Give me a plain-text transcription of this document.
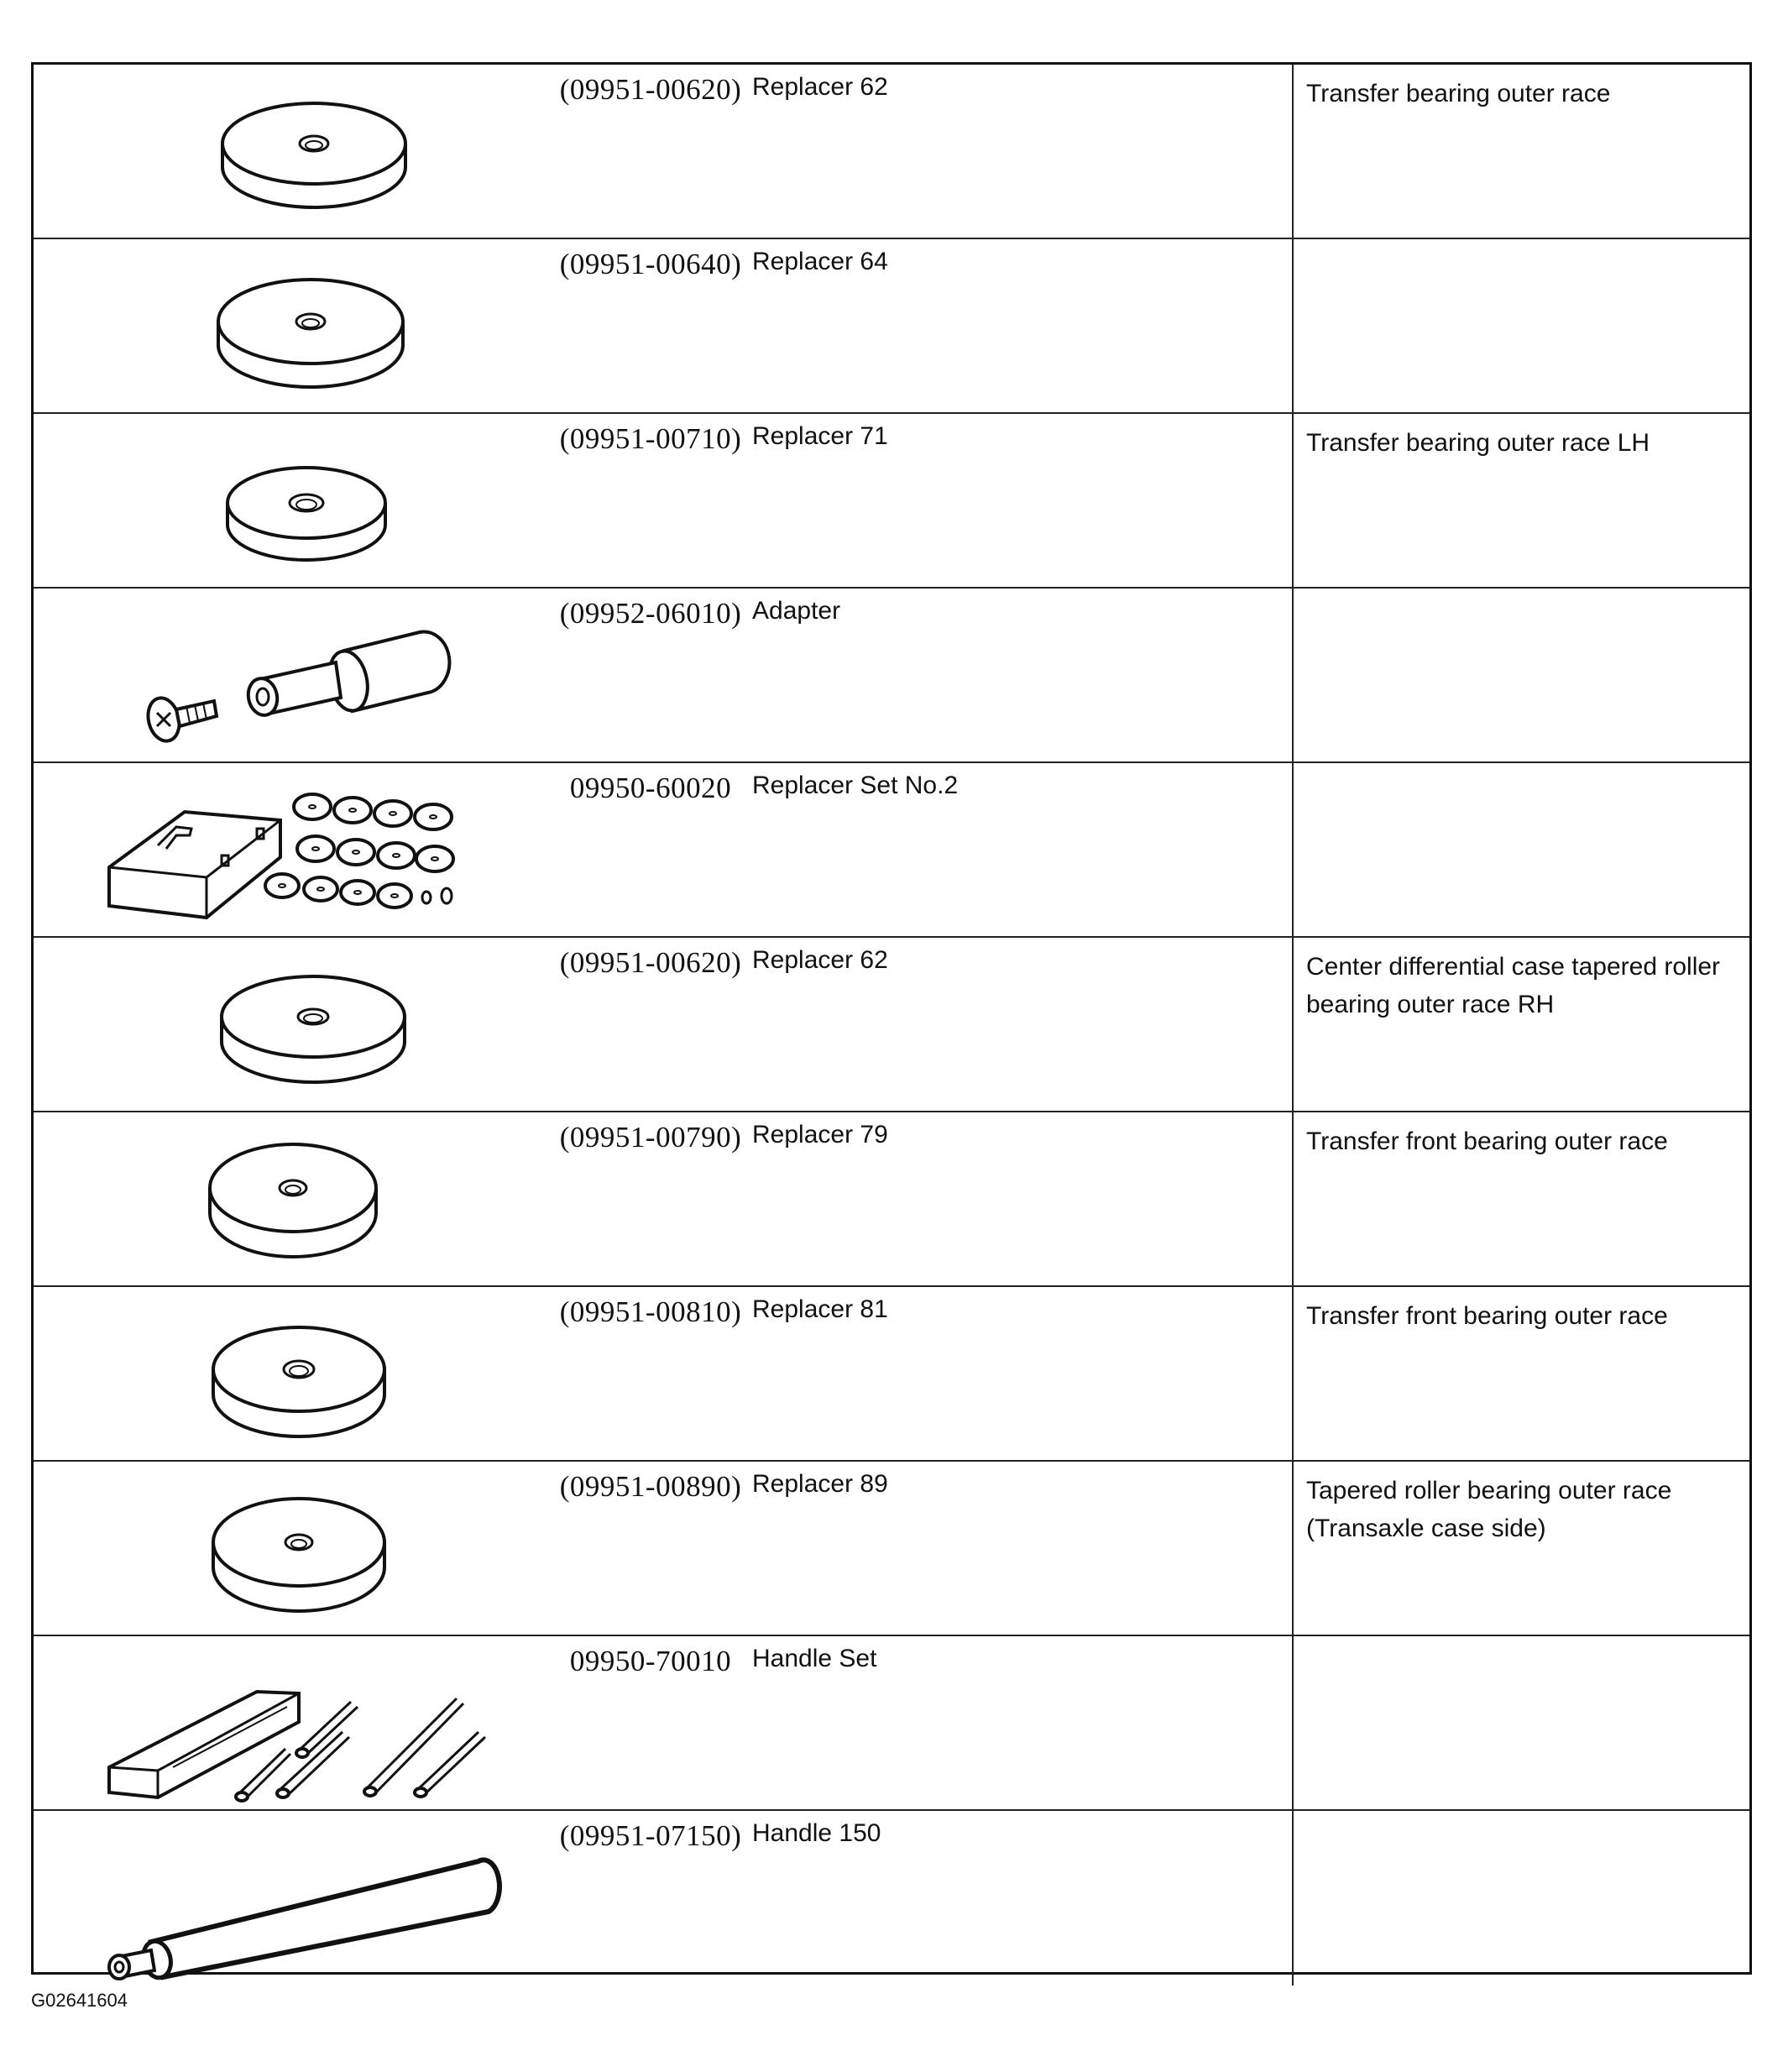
(09951-00620) Replacer 62	Transfer bearing outer race
(09951-00640) Replacer 64
(09951-00710) Replacer 71	Transfer bearing outer race LH
(09952-06010) Adapter
09950-60020 Replacer Set No.2
(09951-00620) Replacer 62	Center differential case tapered roller bearing outer race RH
(09951-00790) Replacer 79	Transfer front bearing outer race
(09951-00810) Replacer 81	Transfer front bearing outer race
(09951-00890) Replacer 89	Tapered roller bearing outer race (Transaxle case side)
09950-70010 Handle Set
(09951-07150) Handle 150
G02641604
